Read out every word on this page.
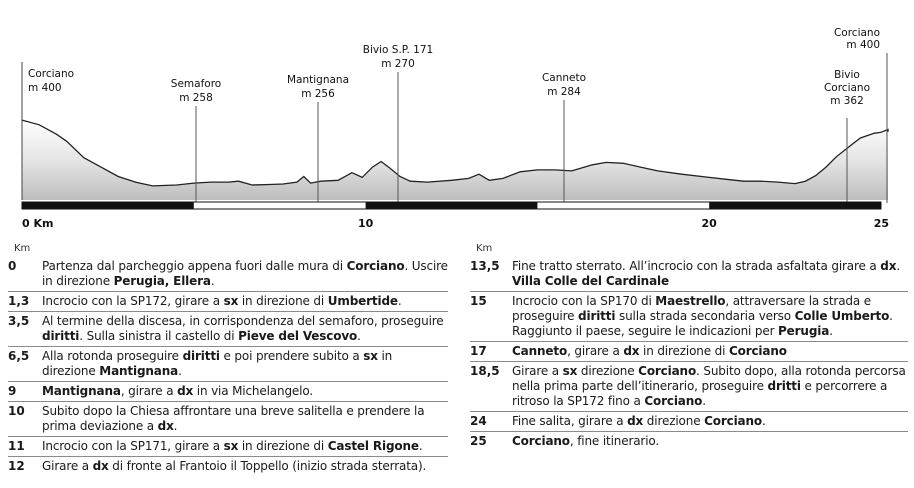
Corciano
m 400	Semaforo
m 258
Mantignana
m 256
Bivio S.P. 171
m 270
Canneto
m 284
Bivio
Corciano
m 362
Corciano
m 400
0 Km	10	20	25
Km
0	Partenza dal parcheggio appena fuori dalle mura di Corciano. Uscire in direzione Perugia, Ellera.
1,3	Incrocio con la SP172, girare a sx in direzione di Umbertide.
3,5	Al termine della discesa, in corrispondenza del semaforo, proseguire diritti. Sulla sinistra il castello di Pieve del Vescovo.
6,5	Alla rotonda proseguire diritti e poi prendere subito a sx in direzione Mantignana.
9	Mantignana, girare a dx in via Michelangelo.
10	Subito dopo la Chiesa affrontare una breve salitella e prendere la prima deviazione a dx.
11	Incrocio con la SP171, girare a sx in direzione di Castel Rigone.
12	Girare a dx di fronte al Frantoio il Toppello (inizio strada sterrata).
Km
13,5	Fine tratto sterrato. All’incrocio con la strada asfaltata girare a dx. Villa Colle del Cardinale
15	Incrocio con la SP170 di Maestrello, attraversare la strada e proseguire diritti sulla strada secondaria verso Colle Umberto. Raggiunto il paese, seguire le indicazioni per Perugia.
17	Canneto, girare a dx in direzione di Corciano
18,5	Girare a sx direzione Corciano. Subito dopo, alla rotonda percorsa nella prima parte dell’itinerario, proseguire dritti e percorrere a ritroso la SP172 fino a Corciano.
24	Fine salita, girare a dx direzione Corciano.
25	Corciano, fine itinerario.
